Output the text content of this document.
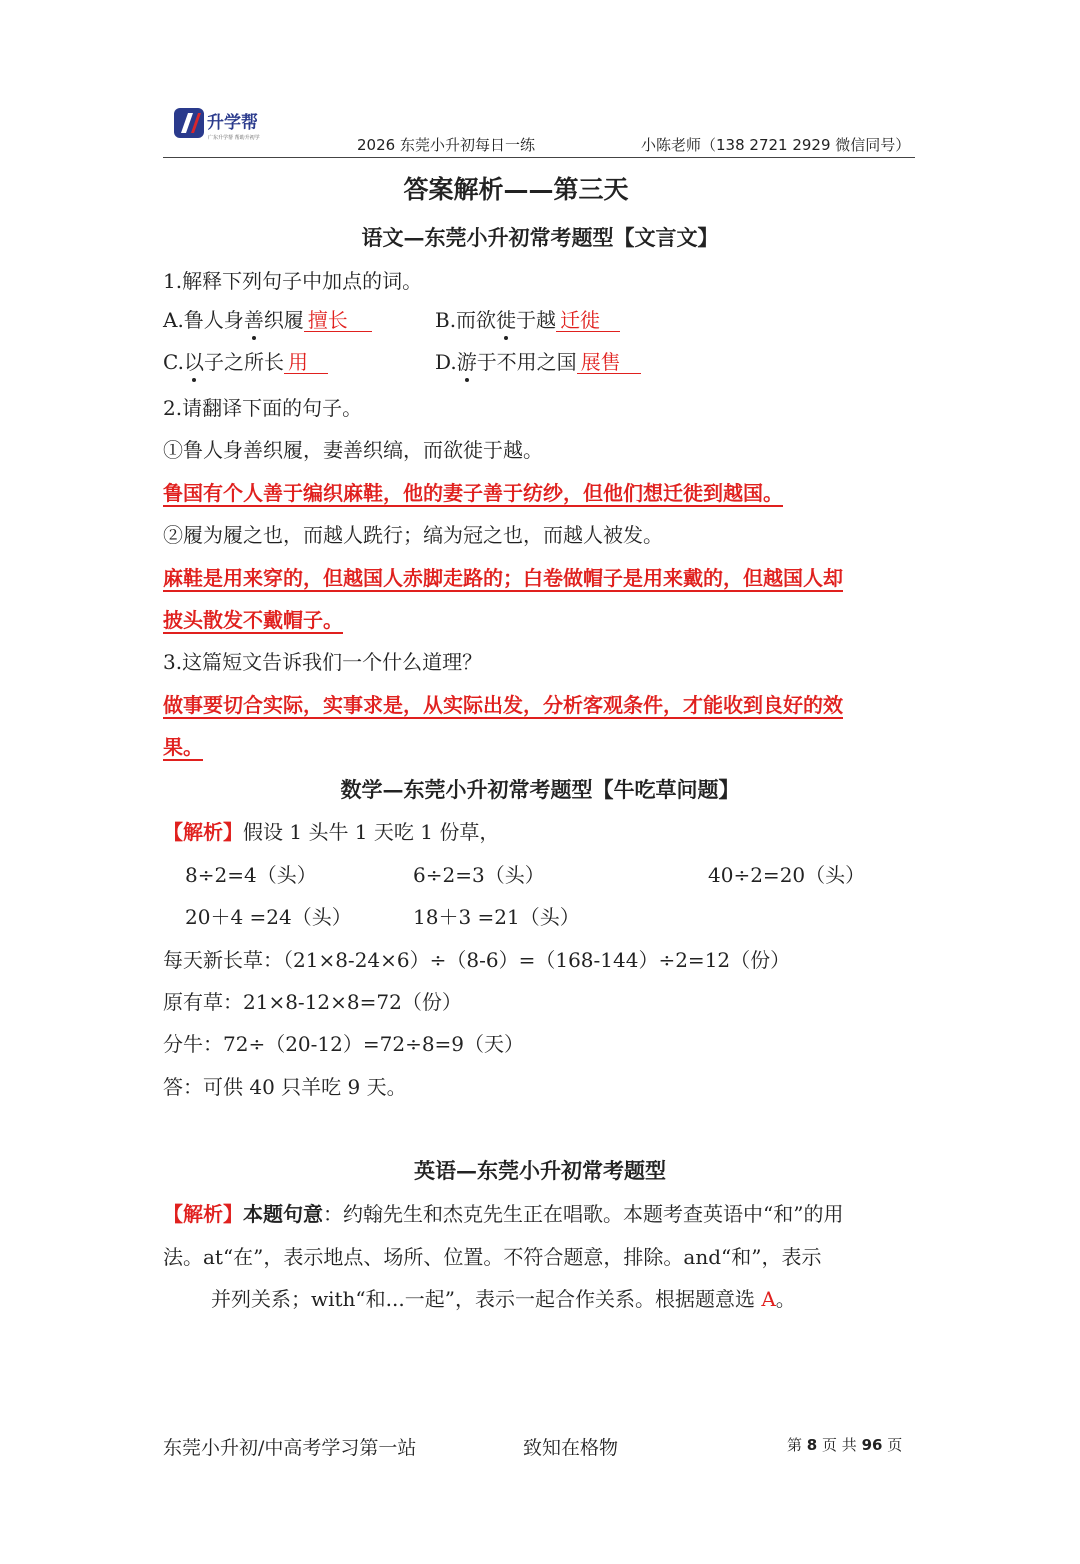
升学帮
广东升学帮 帮助升初学	2026 东莞小升初每日一练	小陈老师（138 2721 2929 微信同号）
答案解析——第三天
语文—东莞小升初常考题型【文言文】
1.解释下列句子中加点的词。
A.鲁人身善织履 擅长	B.而欲徙于越 迁徙
C.以子之所长 用	D.游于不用之国 展售
2.请翻译下面的句子。
①鲁人身善织履，妻善织缟，而欲徙于越。
鲁国有个人善于编织麻鞋，他的妻子善于纺纱，但他们想迁徙到越国。
②履为履之也，而越人跣行；缟为冠之也，而越人被发。
麻鞋是用来穿的，但越国人赤脚走路的；白卷做帽子是用来戴的，但越国人却
披头散发不戴帽子。
3.这篇短文告诉我们一个什么道理？
做事要切合实际，实事求是，从实际出发，分析客观条件，才能收到良好的效
果。
数学—东莞小升初常考题型【牛吃草问题】
【解析】假设 1 头牛 1 天吃 1 份草，
8÷2=4（头）	6÷2=3（头）	40÷2=20（头）
20＋4 =24（头）	18＋3 =21（头）
每天新长草：（21×8-24×6）÷（8-6）=（168-144）÷2=12（份）
原有草：21×8-12×8=72（份）
分牛：72÷（20-12）=72÷8=9（天）
答：可供 40 只羊吃 9 天。
英语—东莞小升初常考题型
【解析】本题句意：约翰先生和杰克先生正在唱歌。本题考查英语中“和”的用
法。at“在”，表示地点、场所、位置。不符合题意，排除。and“和”，表示
并列关系；with“和...一起”，表示一起合作关系。根据题意选 A。
东莞小升初/中高考学习第一站	致知在格物	第 8 页 共 96 页
